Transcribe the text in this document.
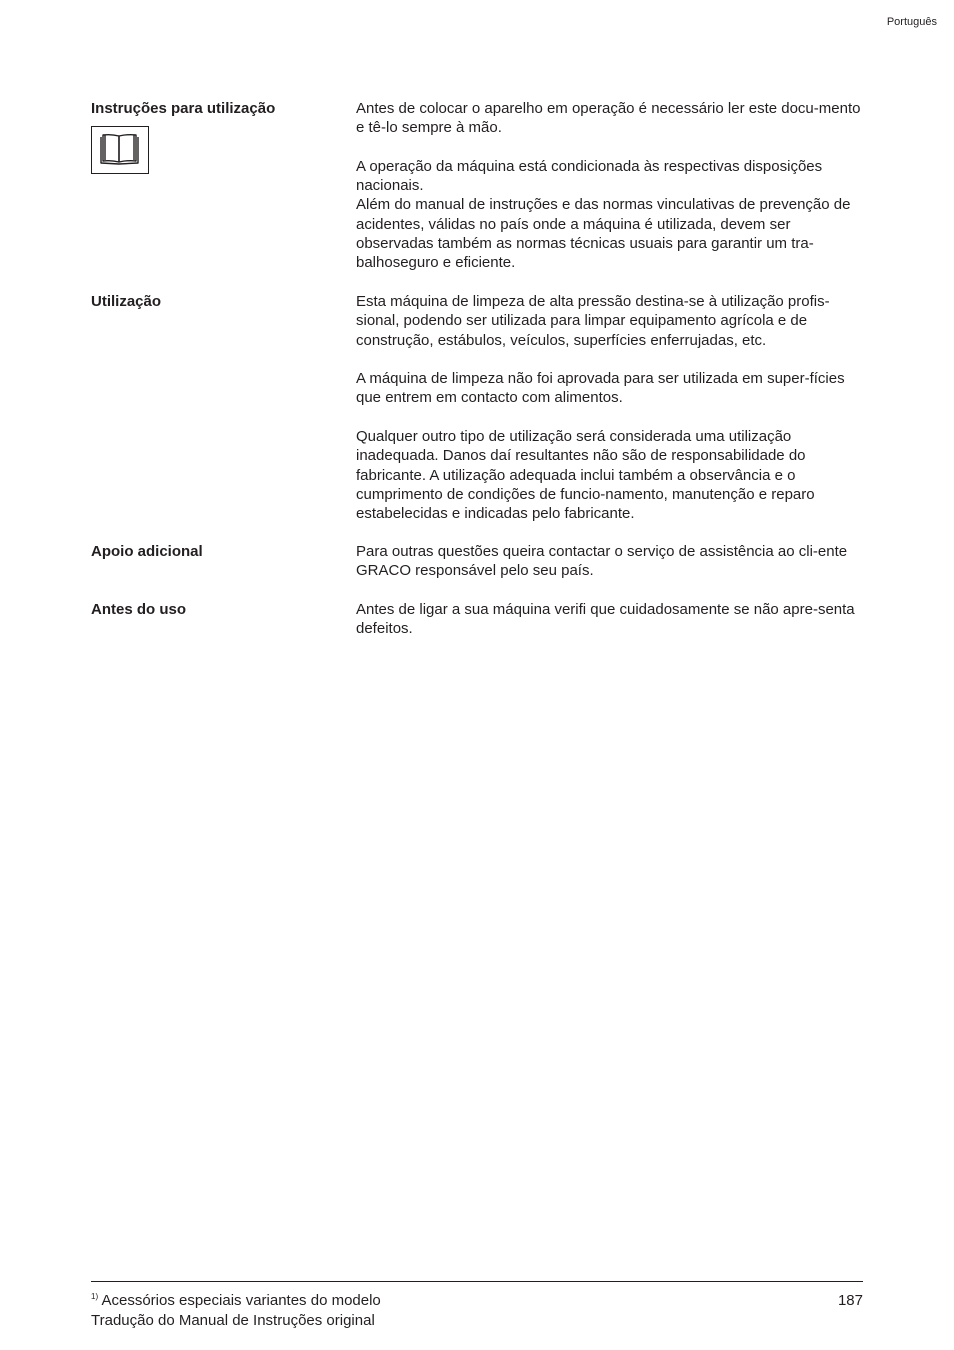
Português
Instruções para utilização	Antes de colocar o aparelho em operação é necessário ler este docu-mento e tê-lo sempre à mão.

A operação da máquina está condicionada às respectivas disposições nacionais.

Além do manual de instruções e das normas vinculativas de prevenção de acidentes, válidas no país onde a máquina é utilizada, devem ser observadas também as normas técnicas usuais para garantir um tra-balhoseguro e eficiente.

Utilização	Esta máquina de limpeza de alta pressão destina-se à utilização profis-sional, podendo ser utilizada para limpar equipamento agrícola e de construção, estábulos, veículos, superfícies enferrujadas, etc.

A máquina de limpeza não foi aprovada para ser utilizada em super-fícies que entrem em contacto com alimentos.

Qualquer outro tipo de utilização será considerada uma utilização inadequada. Danos daí resultantes não são de responsabilidade do fabricante. A utilização adequada inclui também a observância e o cumprimento de condições de funcio-namento, manutenção e reparo estabelecidas e indicadas pelo fabricante.

Apoio adicional	Para outras questões queira contactar o serviço de assistência ao cli-ente GRACO responsável pelo seu país.

Antes do uso	Antes de ligar a sua máquina verifi que cuidadosamente se não apre-senta defeitos.

$^{1)}$ Acessórios especiais variantes do modelo
Tradução do Manual de Instruções original
187
